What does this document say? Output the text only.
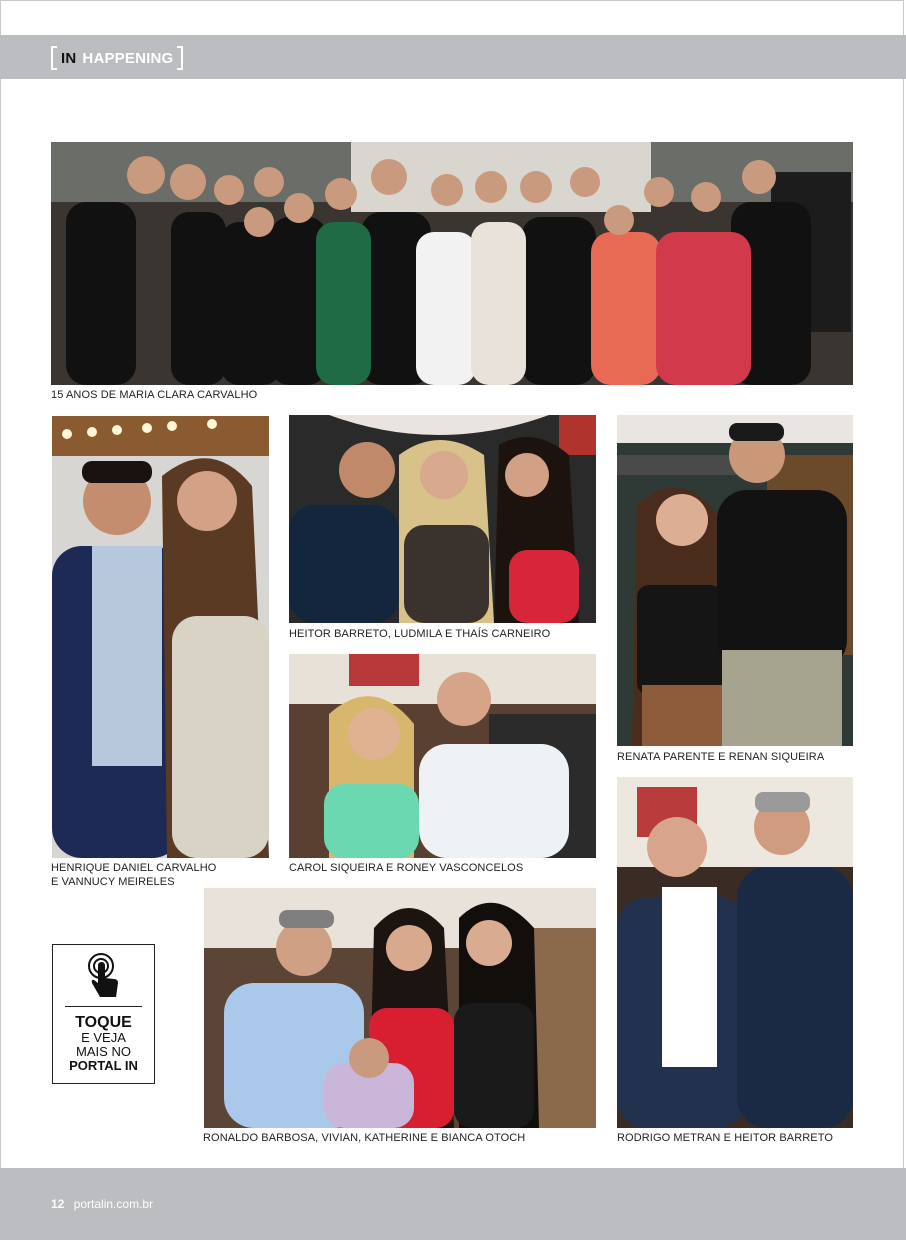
IN HAPPENING
15 ANOS DE MARIA CLARA CARVALHO
HENRIQUE DANIEL CARVALHO
E VANNUCY MEIRELES
HEITOR BARRETO, LUDMILA E THAÍS CARNEIRO
CAROL SIQUEIRA E RONEY VASCONCELOS
RENATA PARENTE E RENAN SIQUEIRA
RODRIGO METRAN E HEITOR BARRETO
RONALDO BARBOSA, VIVIAN, KATHERINE E BIANCA OTOCH
TOQUE
E VEJA
MAIS NO
PORTAL IN
12 portalin.com.br
